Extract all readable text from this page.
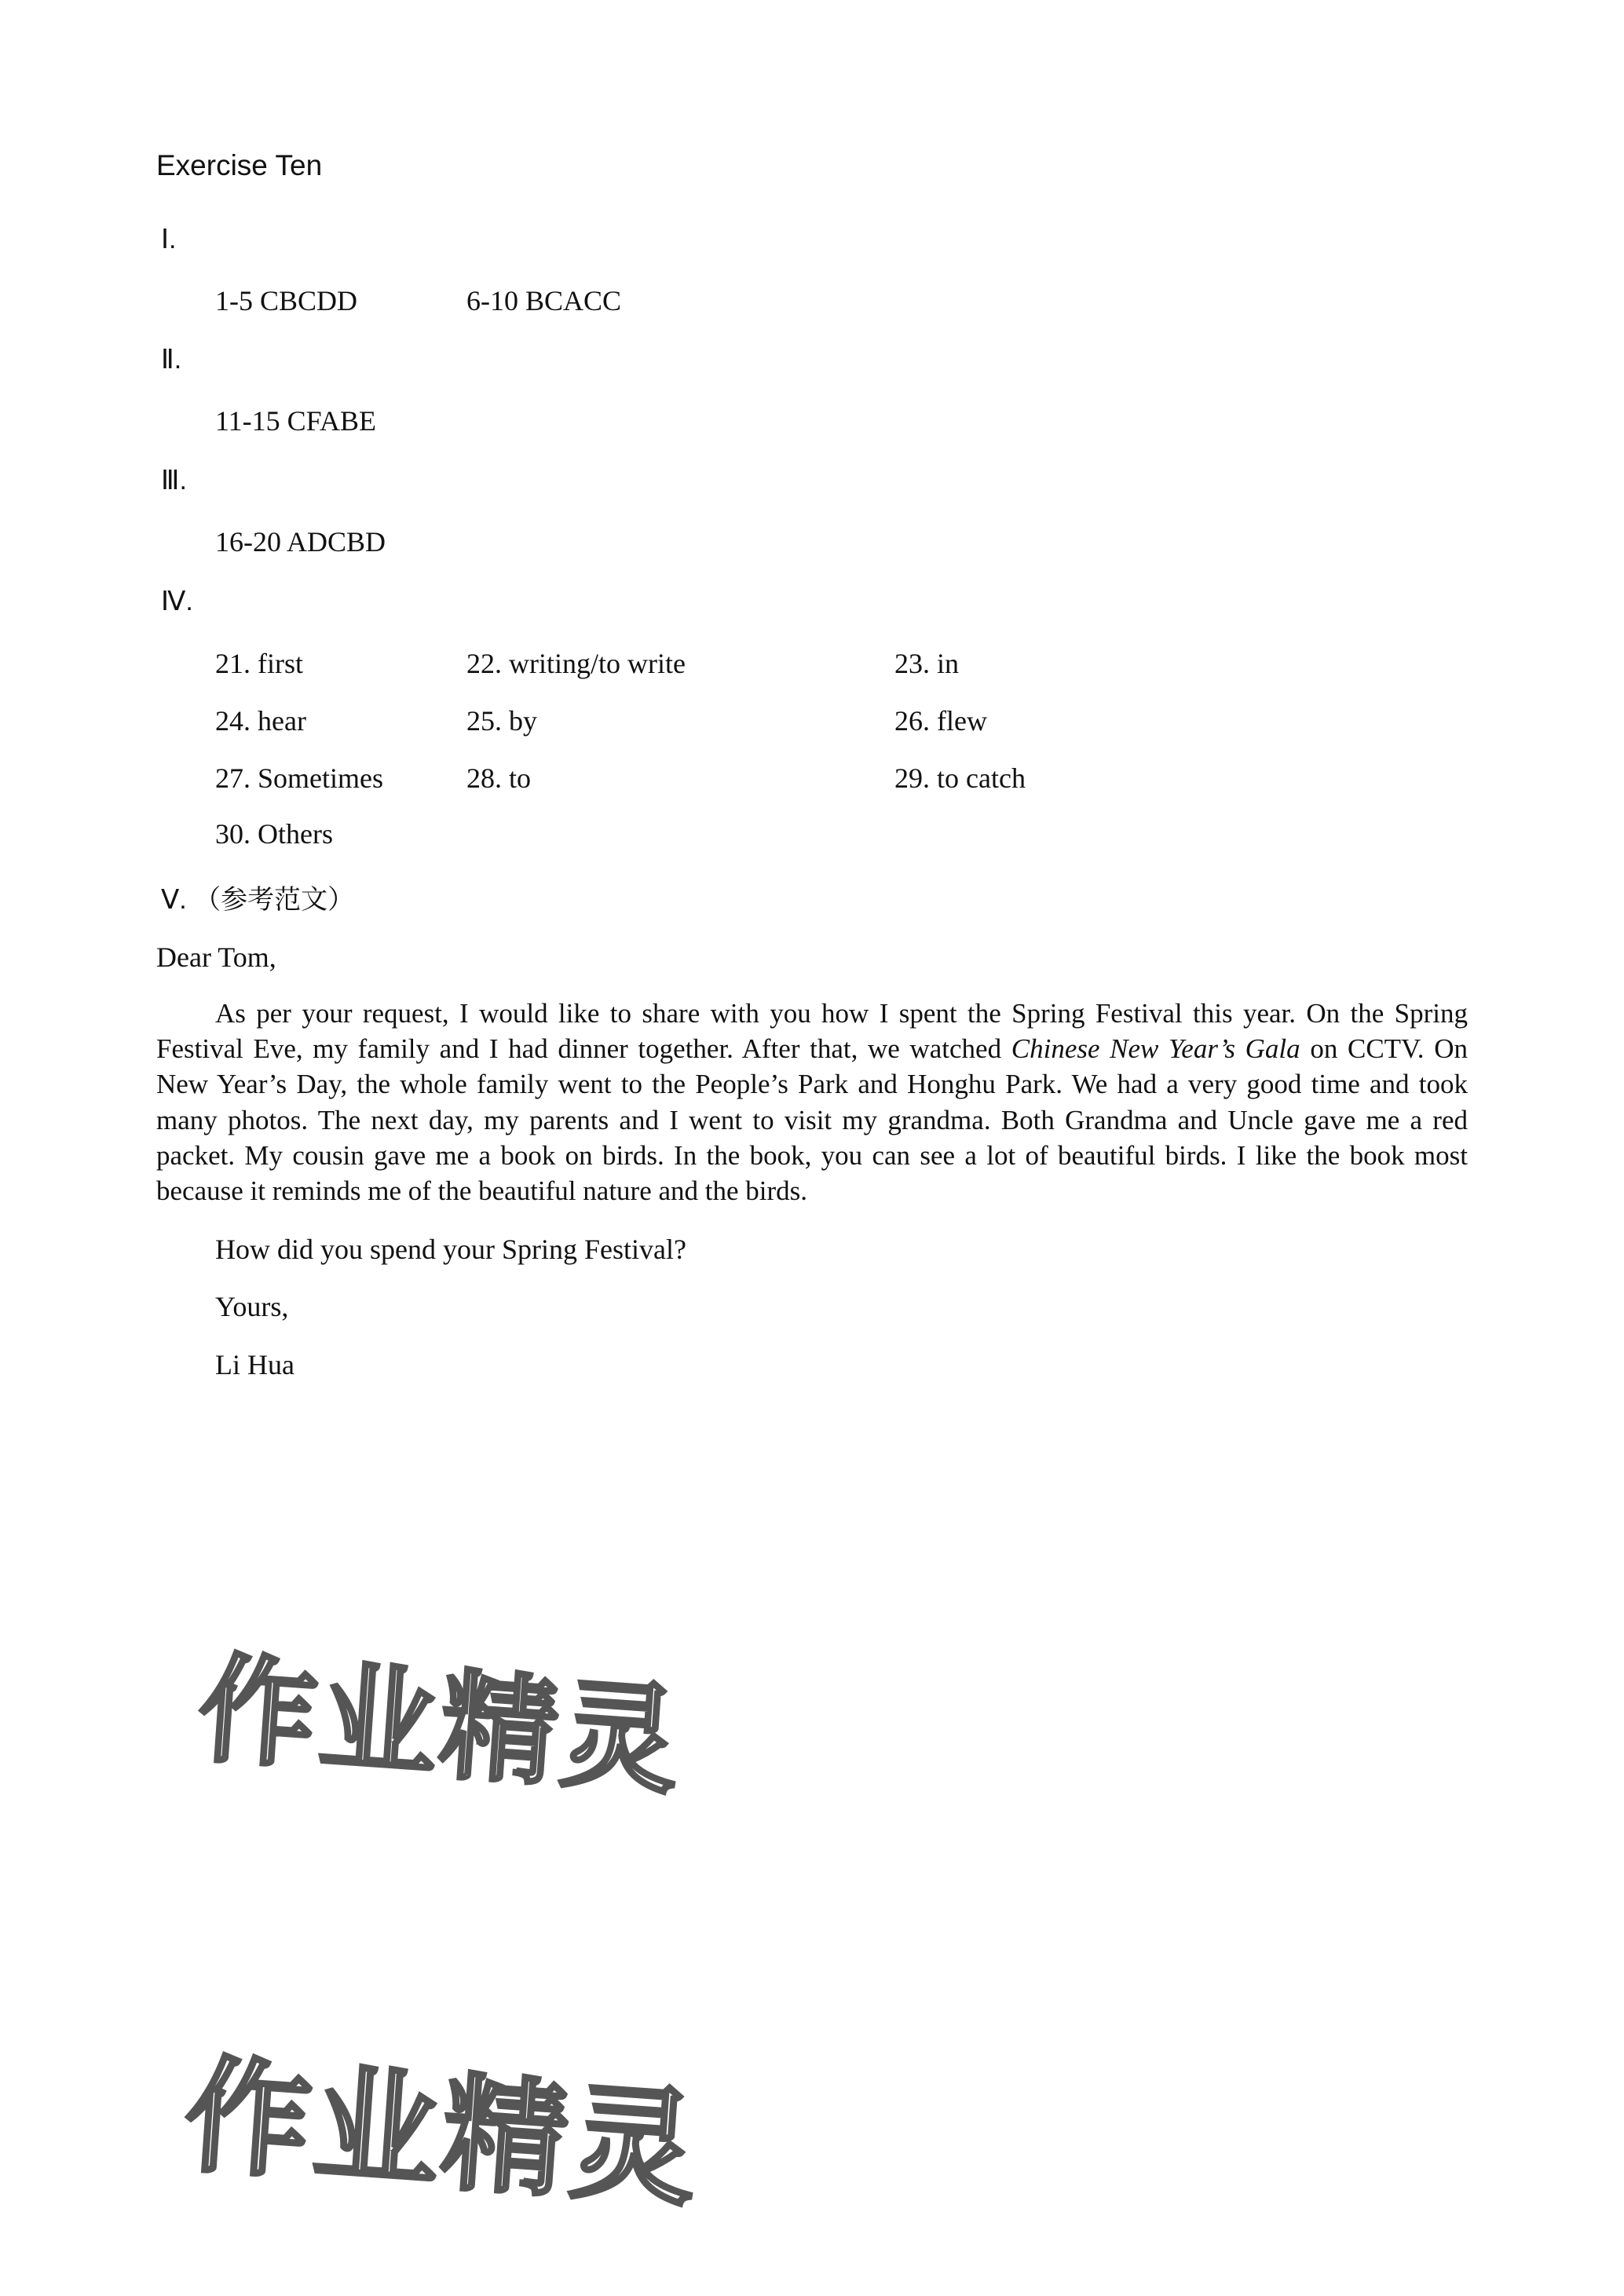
Exercise Ten
Ⅰ.
1-5 CBCDD	6-10 BCACC
Ⅱ.
11-15 CFABE
Ⅲ.
16-20 ADCBD
Ⅳ.
21. first	22. writing/to write	23. in
24. hear	25. by	26. flew
27. Sometimes	28. to	29. to catch
30. Others
Ⅴ. （参考范文）
Dear Tom,

As per your request, I would like to share with you how I spent the Spring Festival this year. On the Spring Festival Eve, my family and I had dinner together. After that, we watched Chinese New Year’s Gala on CCTV. On New Year’s Day, the whole family went to the People’s Park and Honghu Park. We had a very good time and took many photos. The next day, my parents and I went to visit my grandma. Both Grandma and Uncle gave me a red packet. My cousin gave me a book on birds. In the book, you can see a lot of beautiful birds. I like the book most because it reminds me of the beautiful nature and the birds.

How did you spend your Spring Festival?
Yours,
Li Hua
作业精灵
作业精灵
